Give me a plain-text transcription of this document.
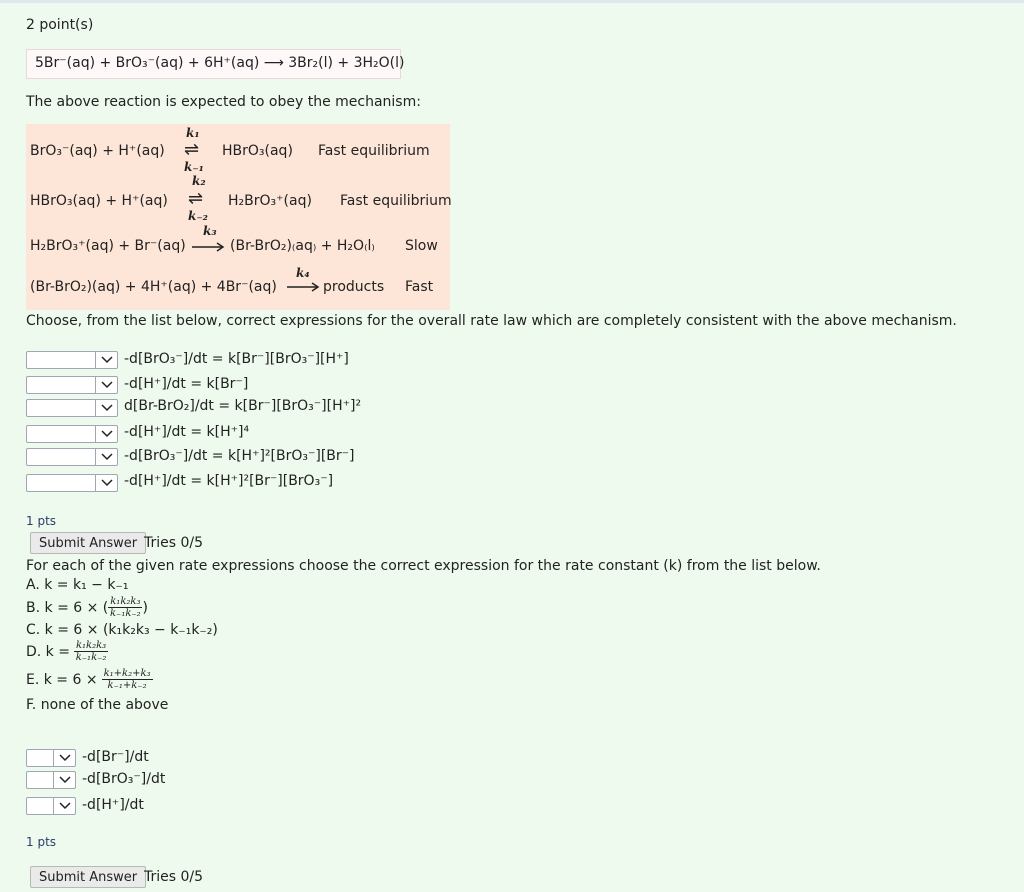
2 point(s)
5Br⁻(aq) + BrO₃⁻(aq) + 6H⁺(aq) ⟶ 3Br₂(l) + 3H₂O(l)
The above reaction is expected to obey the mechanism:
BrO₃⁻(aq) + H⁺(aq)
k₁
⇌
k₋₁
HBrO₃(aq) Fast equilibrium
HBrO₃(aq) + H⁺(aq)
k₂
⇌
k₋₂
H₂BrO₃⁺(aq) Fast equilibrium
H₂BrO₃⁺(aq) + Br⁻(aq)
k₃
(Br-BrO₂)₍aq₎ + H₂O₍l₎ Slow
(Br-BrO₂)(aq) + 4H⁺(aq) + 4Br⁻(aq)
k₄
products Fast
Choose, from the list below, correct expressions for the overall rate law which are completely consistent with the above mechanism.
-d[BrO₃⁻]/dt = k[Br⁻][BrO₃⁻][H⁺]
-d[H⁺]/dt = k[Br⁻]
d[Br-BrO₂]/dt = k[Br⁻][BrO₃⁻][H⁺]²
-d[H⁺]/dt = k[H⁺]⁴
-d[BrO₃⁻]/dt = k[H⁺]²[BrO₃⁻][Br⁻]
-d[H⁺]/dt = k[H⁺]²[Br⁻][BrO₃⁻]
1 pts
Submit Answer Tries 0/5
For each of the given rate expressions choose the correct expression for the rate constant (k) from the list below.
A. k = k₁ − k₋₁
B. k = 6 × ( $\frac{\text{k₁k₂k₃}}{\text{k₋₁k₋₂}}$ )
C. k = 6 × (k₁k₂k₃ − k₋₁k₋₂)
D. $k = \frac{\text{k₁k₂k₃}}{\text{k₋₁k₋₂}}$
E. $k = 6 \times \frac{\text{k₁+k₂+k₃}}{\text{k₋₁+k₋₂}}$
F. none of the above
-d[Br⁻]/dt
-d[BrO₃⁻]/dt
-d[H⁺]/dt
1 pts
Submit Answer Tries 0/5
